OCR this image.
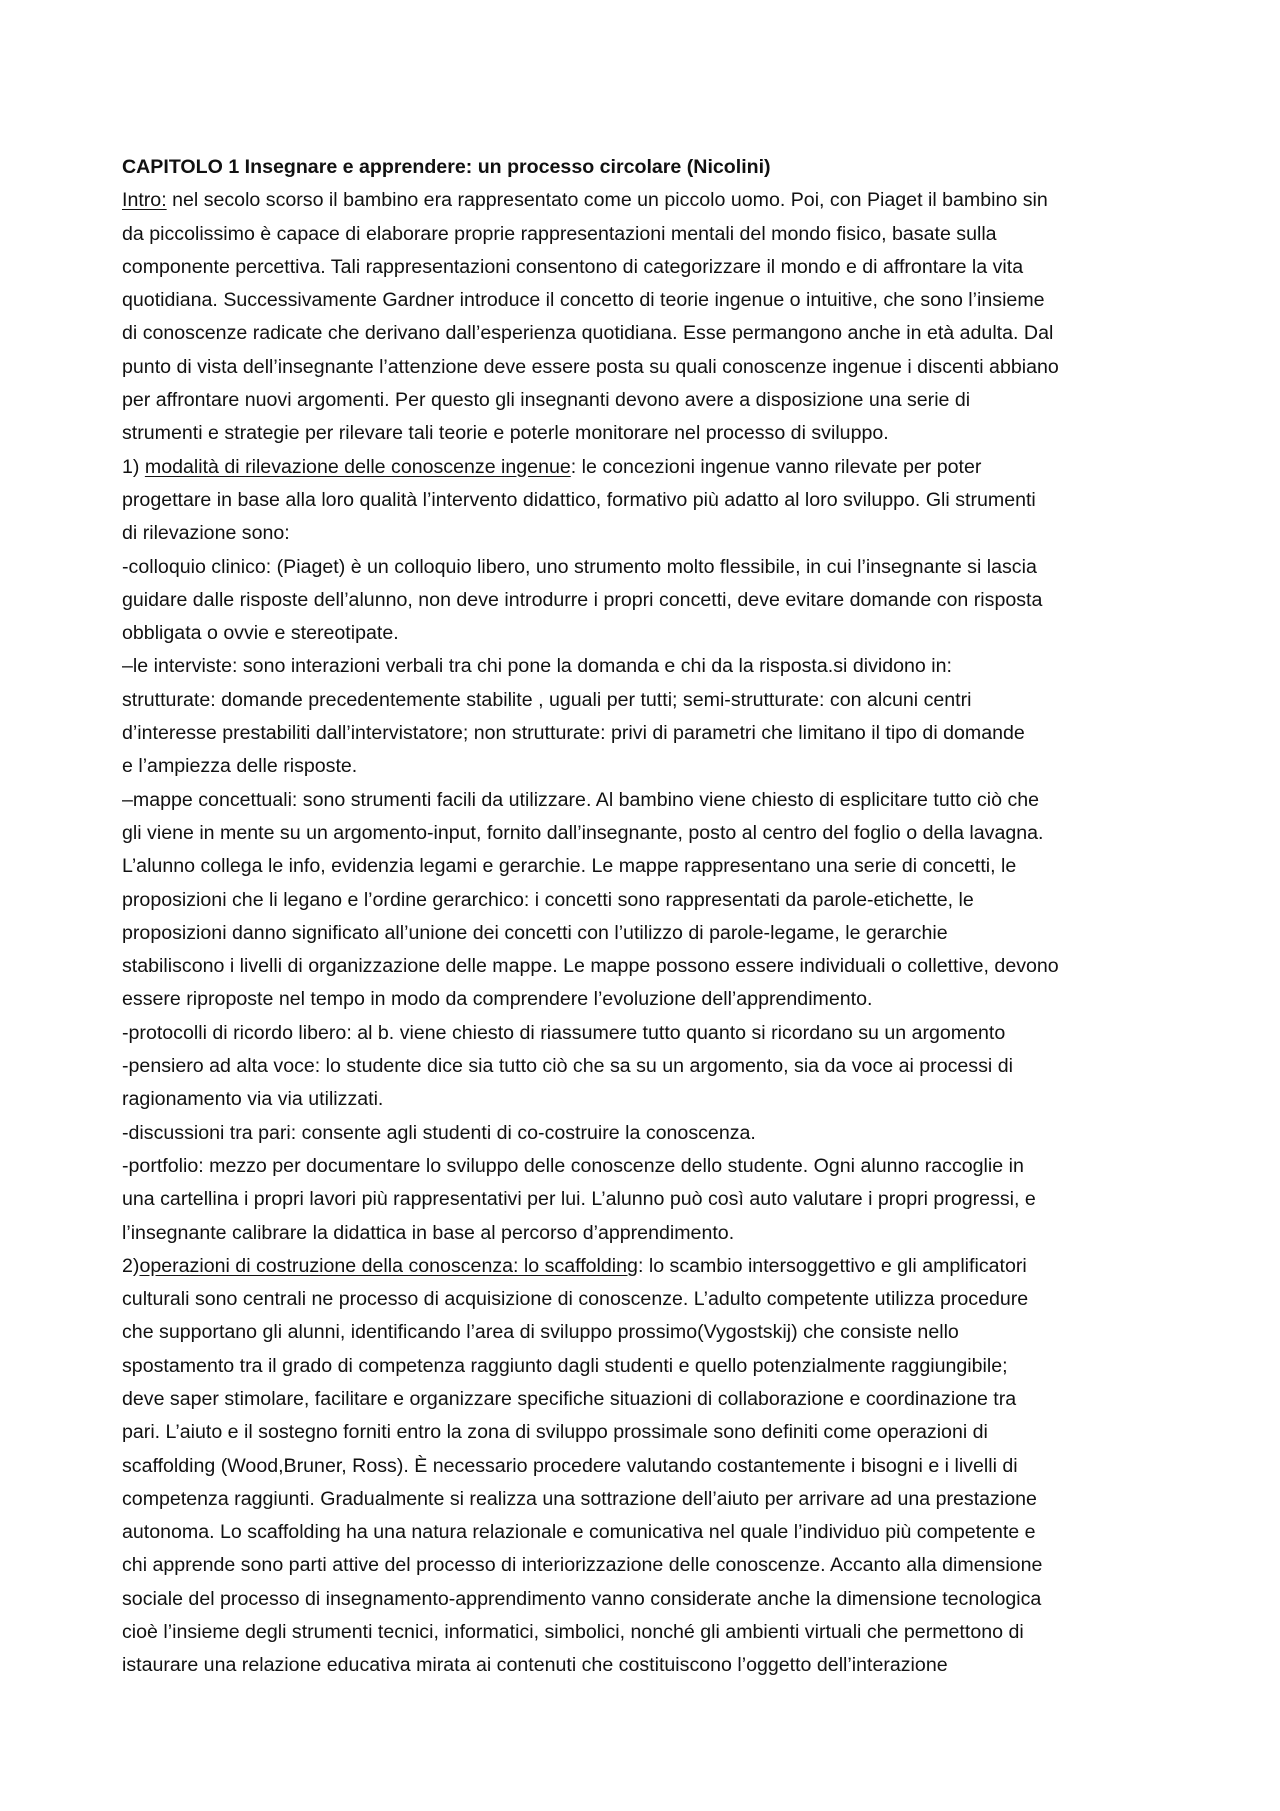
CAPITOLO 1 Insegnare e apprendere: un processo circolare (Nicolini)
Intro: nel secolo scorso il bambino era rappresentato come un piccolo uomo. Poi, con Piaget il bambino sin
da piccolissimo è capace di elaborare proprie rappresentazioni mentali del mondo fisico, basate sulla
componente percettiva. Tali rappresentazioni consentono di categorizzare il mondo e di affrontare la vita
quotidiana. Successivamente Gardner introduce il concetto di teorie ingenue o intuitive, che sono l’insieme
di conoscenze radicate che derivano dall’esperienza quotidiana. Esse permangono anche in età adulta. Dal
punto di vista dell’insegnante l’attenzione deve essere posta su quali conoscenze ingenue i discenti abbiano
per affrontare nuovi argomenti. Per questo gli insegnanti devono avere a disposizione una serie di
strumenti e strategie per rilevare tali teorie e poterle monitorare nel processo di sviluppo.
1) modalità di rilevazione delle conoscenze ingenue: le concezioni ingenue vanno rilevate per poter
progettare in base alla loro qualità l’intervento didattico, formativo più adatto al loro sviluppo. Gli strumenti
di rilevazione sono:
-colloquio clinico: (Piaget) è un colloquio libero, uno strumento molto flessibile, in cui l’insegnante si lascia
guidare dalle risposte dell’alunno, non deve introdurre i propri concetti, deve evitare domande con risposta
obbligata o ovvie e stereotipate.
–le interviste: sono interazioni verbali tra chi pone la domanda e chi da la risposta.si dividono in:
strutturate: domande precedentemente stabilite , uguali per tutti; semi-strutturate: con alcuni centri
d’interesse prestabiliti dall’intervistatore; non strutturate: privi di parametri che limitano il tipo di domande
e l’ampiezza delle risposte.
–mappe concettuali: sono strumenti facili da utilizzare. Al bambino viene chiesto di esplicitare tutto ciò che
gli viene in mente su un argomento-input, fornito dall’insegnante, posto al centro del foglio o della lavagna.
L’alunno collega le info, evidenzia legami e gerarchie. Le mappe rappresentano una serie di concetti, le
proposizioni che li legano e l’ordine gerarchico: i concetti sono rappresentati da parole-etichette, le
proposizioni danno significato all’unione dei concetti con l’utilizzo di parole-legame, le gerarchie
stabiliscono i livelli di organizzazione delle mappe. Le mappe possono essere individuali o collettive, devono
essere riproposte nel tempo in modo da comprendere l’evoluzione dell’apprendimento.
-protocolli di ricordo libero: al b. viene chiesto di riassumere tutto quanto si ricordano su un argomento
-pensiero ad alta voce: lo studente dice sia tutto ciò che sa su un argomento, sia da voce ai processi di
ragionamento via via utilizzati.
-discussioni tra pari: consente agli studenti di co-costruire la conoscenza.
-portfolio: mezzo per documentare lo sviluppo delle conoscenze dello studente. Ogni alunno raccoglie in
una cartellina i propri lavori più rappresentativi per lui. L’alunno può così auto valutare i propri progressi, e
l’insegnante calibrare la didattica in base al percorso d’apprendimento.
2)operazioni di costruzione della conoscenza: lo scaffolding: lo scambio intersoggettivo e gli amplificatori
culturali sono centrali ne processo di acquisizione di conoscenze. L’adulto competente utilizza procedure
che supportano gli alunni, identificando l’area di sviluppo prossimo(Vygostskij) che consiste nello
spostamento tra il grado di competenza raggiunto dagli studenti e quello potenzialmente raggiungibile;
deve saper stimolare, facilitare e organizzare specifiche situazioni di collaborazione e coordinazione tra
pari. L’aiuto e il sostegno forniti entro la zona di sviluppo prossimale sono definiti come operazioni di
scaffolding (Wood,Bruner, Ross). È necessario procedere valutando costantemente i bisogni e i livelli di
competenza raggiunti. Gradualmente si realizza una sottrazione dell’aiuto per arrivare ad una prestazione
autonoma. Lo scaffolding ha una natura relazionale e comunicativa nel quale l’individuo più competente e
chi apprende sono parti attive del processo di interiorizzazione delle conoscenze. Accanto alla dimensione
sociale del processo di insegnamento-apprendimento vanno considerate anche la dimensione tecnologica
cioè l’insieme degli strumenti tecnici, informatici, simbolici, nonché gli ambienti virtuali che permettono di
istaurare una relazione educativa mirata ai contenuti che costituiscono l’oggetto dell’interazione
